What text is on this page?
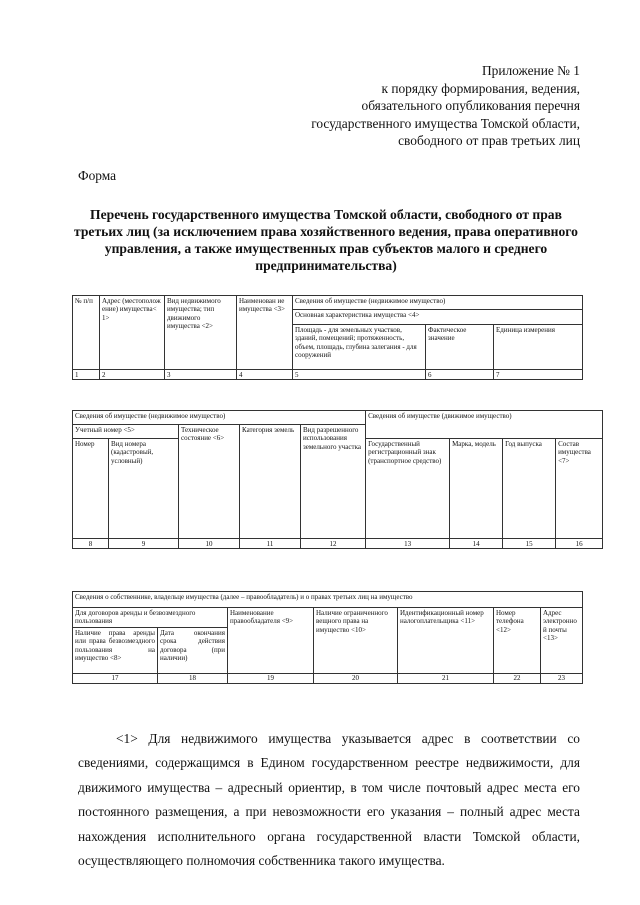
Приложение № 1
к порядку формирования, ведения,
обязательного опубликования перечня
государственного имущества Томской области,
свободного от прав третьих лиц
Форма
Перечень государственного имущества Томской области, свободного от прав третьих лиц (за исключением права хозяйственного ведения, права оперативного управления, а также имущественных прав субъектов малого и среднего предпринимательства)
№ п/п	Адрес (местополож ение) имущества< 1>	Вид недвижимого имущества; тип движимого имущества <2>	Наименован ие имущества <3>	Сведения об имуществе (недвижимое имущество)		
				Основная характеристика имущества <4>		
				Площадь - для земельных участков, зданий, помещений; протяженность, объем, площадь, глубина залегания - для сооружений	Фактическое значение	Единица измерения
1	2	3	4	5	6	7
Сведения об имуществе (недвижимое имущество)					Сведения об имуществе (движимое имущество)			
Учетный номер <5>		Техническое состояние <6>	Категория земель	Вид разрешенного использования земельного участка				
Номер	Вид номера (кадастровый, условный)				Государственный регистрационный знак (транспортное средство)	Марка, модель	Год выпуска	Состав имущества <7>
8	9	10	11	12	13	14	15	16
Сведения о собственнике, владельце имущества (далее – правообладатель) и о правах третьих лиц на имущество						
Для договоров аренды и безвозмездного пользования		Наименование правообладателя <9>	Наличие ограниченного вещного права на имущество <10>	Идентификационный номер налогоплательщика <11>	Номер телефона <12>	Адрес электронной почты <13>
Наличие права аренды или права безвозмездного пользования на имущество <8>	Дата окончания срока действия договора (при наличии)					
17	18	19	20	21	22	23
<1> Для недвижимого имущества указывается адрес в соответствии со сведениями, содержащимся в Едином государственном реестре недвижимости, для движимого имущества – адресный ориентир, в том числе почтовый адрес места его постоянного размещения, а при невозможности его указания – полный адрес места нахождения исполнительного органа государственной власти Томской области, осуществляющего полномочия собственника такого имущества.
